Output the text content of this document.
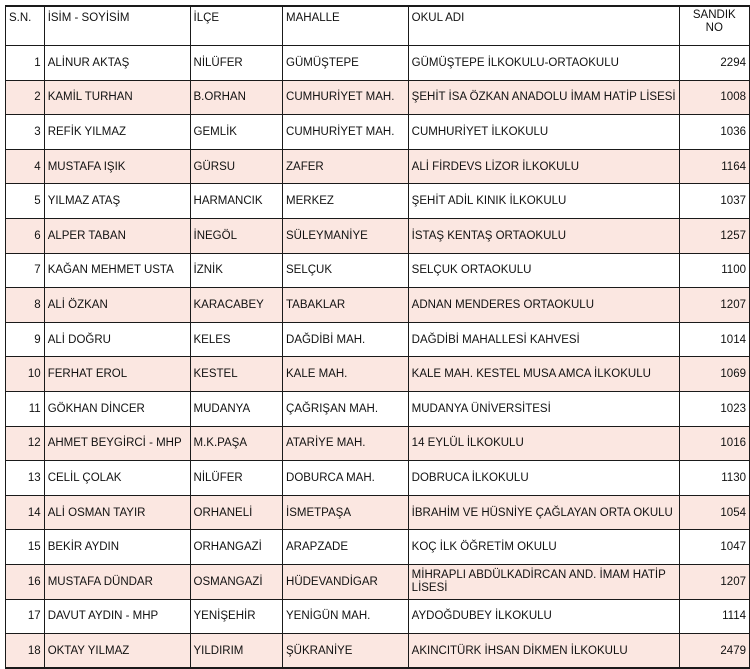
S.N.	İSİM - SOYİSİM	İLÇE	MAHALLE	OKUL ADI	SANDIK
NO
1	ALİNUR AKTAŞ	NİLÜFER	GÜMÜŞTEPE	GÜMÜŞTEPE İLKOKULU-ORTAOKULU	2294
2	KAMİL TURHAN	B.ORHAN	CUMHURİYET MAH.	ŞEHİT İSA ÖZKAN ANADOLU İMAM HATİP LİSESİ	1008
3	REFİK YILMAZ	GEMLİK	CUMHURİYET MAH.	CUMHURİYET İLKOKULU	1036
4	MUSTAFA IŞIK	GÜRSU	ZAFER	ALİ FİRDEVS LİZOR İLKOKULU	1164
5	YILMAZ ATAŞ	HARMANCIK	MERKEZ	ŞEHİT ADİL KINIK İLKOKULU	1037
6	ALPER TABAN	İNEGÖL	SÜLEYMANİYE	İSTAŞ KENTAŞ ORTAOKULU	1257
7	KAĞAN MEHMET USTA	İZNİK	SELÇUK	SELÇUK ORTAOKULU	1100
8	ALİ ÖZKAN	KARACABEY	TABAKLAR	ADNAN MENDERES ORTAOKULU	1207
9	ALİ DOĞRU	KELES	DAĞDİBİ MAH.	DAĞDİBİ MAHALLESİ KAHVESİ	1014
10	FERHAT EROL	KESTEL	KALE MAH.	KALE MAH. KESTEL MUSA AMCA İLKOKULU	1069
11	GÖKHAN DİNCER	MUDANYA	ÇAĞRIŞAN MAH.	MUDANYA ÜNİVERSİTESİ	1023
12	AHMET BEYGİRCİ - MHP	M.K.PAŞA	ATARİYE MAH.	14 EYLÜL İLKOKULU	1016
13	CELİL ÇOLAK	NİLÜFER	DOBURCA MAH.	DOBRUCA İLKOKULU	1130
14	ALİ OSMAN TAYIR	ORHANELİ	İSMETPAŞA	İBRAHİM VE HÜSNİYE ÇAĞLAYAN ORTA OKULU	1054
15	BEKİR AYDIN	ORHANGAZİ	ARAPZADE	KOÇ İLK ÖĞRETİM OKULU	1047
16	MUSTAFA DÜNDAR	OSMANGAZİ	HÜDEVANDİGAR	MİHRAPLI ABDÜLKADİRCAN AND. İMAM HATİP LİSESİ	1207
17	DAVUT AYDIN - MHP	YENİŞEHİR	YENİGÜN MAH.	AYDOĞDUBEY İLKOKULU	1114
18	OKTAY YILMAZ	YILDIRIM	ŞÜKRANİYE	AKINCITÜRK İHSAN DİKMEN İLKOKULU	2479
